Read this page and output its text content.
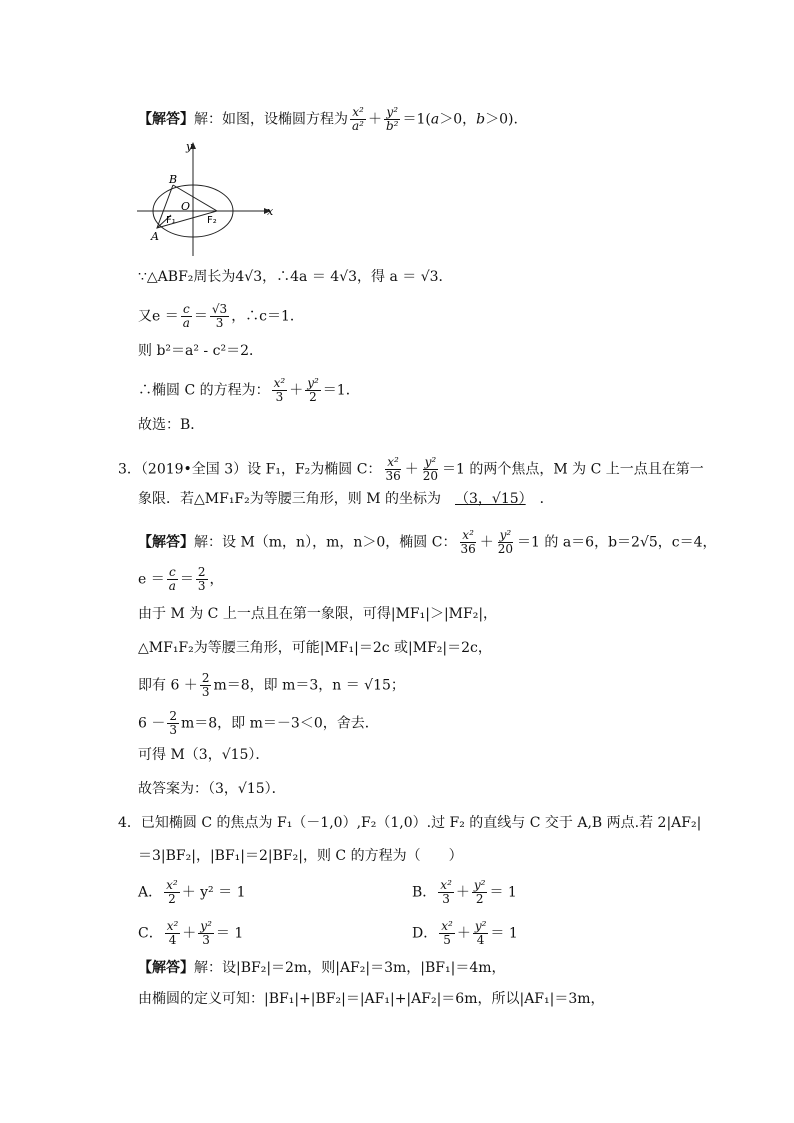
【解答】解：如图，设椭圆方程为 $\frac{\text{x²}}{\text{a²}} + \frac{\text{y²}}{\text{b²}} =1(a>0$，b＞0).
y
x
B
O
F₁	F₂
A
∵△ABF₂周长为4√3，∴4a ＝ 4√3，得 a ＝ √3．
又$e = \frac{c}{a} = \frac{√3}{3}$ ，∴c＝1．
则 b²＝a² - c²＝2．
∴椭圆 C 的方程为： $\frac{\text{x²}}{3} + \frac{\text{y²}}{2} =1$．
故选：B．
3．（2019•全国 3）设 F₁，F₂为椭圆 C： $\frac{\text{x²}}{36} + \frac{\text{y²}}{20} =1$ 的两个焦点，M 为 C 上一点且在第一
象限．若△MF₁F₂为等腰三角形，则 M 的坐标为 （3，√15） ．
【解答】解：设 M（m，n），m，n＞0，椭圆 C： $\frac{\text{x²}}{36} + \frac{\text{y²}}{20} =1$ 的 a＝6，b＝2√5，c＝4，
$e = \frac{c}{a} = \frac{2}{3}$ ，
由于 M 为 C 上一点且在第一象限，可得|MF₁|＞|MF₂|，
△MF₁F₂为等腰三角形，可能|MF₁|＝2c 或|MF₂|＝2c，
即有 $6 + \frac{2}{3} m=8$，即 m＝3，n ＝ √15；
$6 - \frac{2}{3} m=8$，即 m＝－3＜0，舍去．
可得 M（3，√15）．
故答案为：（3，√15）．
4．已知椭圆 C 的焦点为 F₁（－1,0）,F₂（1,0）.过 F₂ 的直线与 C 交于 A,B 两点.若 2|AF₂|
＝3|BF₂|，|BF₁|＝2|BF₂|，则 C 的方程为（　　）
A． $\frac{\text{x²}}{2} + y^2 = 1$	B． $\frac{\text{x²}}{3} + \frac{\text{y²}}{2} = 1$
C． $\frac{\text{x²}}{4} + \frac{\text{y²}}{3} = 1$	D． $\frac{\text{x²}}{5} + \frac{\text{y²}}{4} = 1$
【解答】解：设|BF₂|＝2m，则|AF₂|＝3m，|BF₁|＝4m，
由椭圆的定义可知：|BF₁|+|BF₂|＝|AF₁|+|AF₂|＝6m，所以|AF₁|＝3m，
